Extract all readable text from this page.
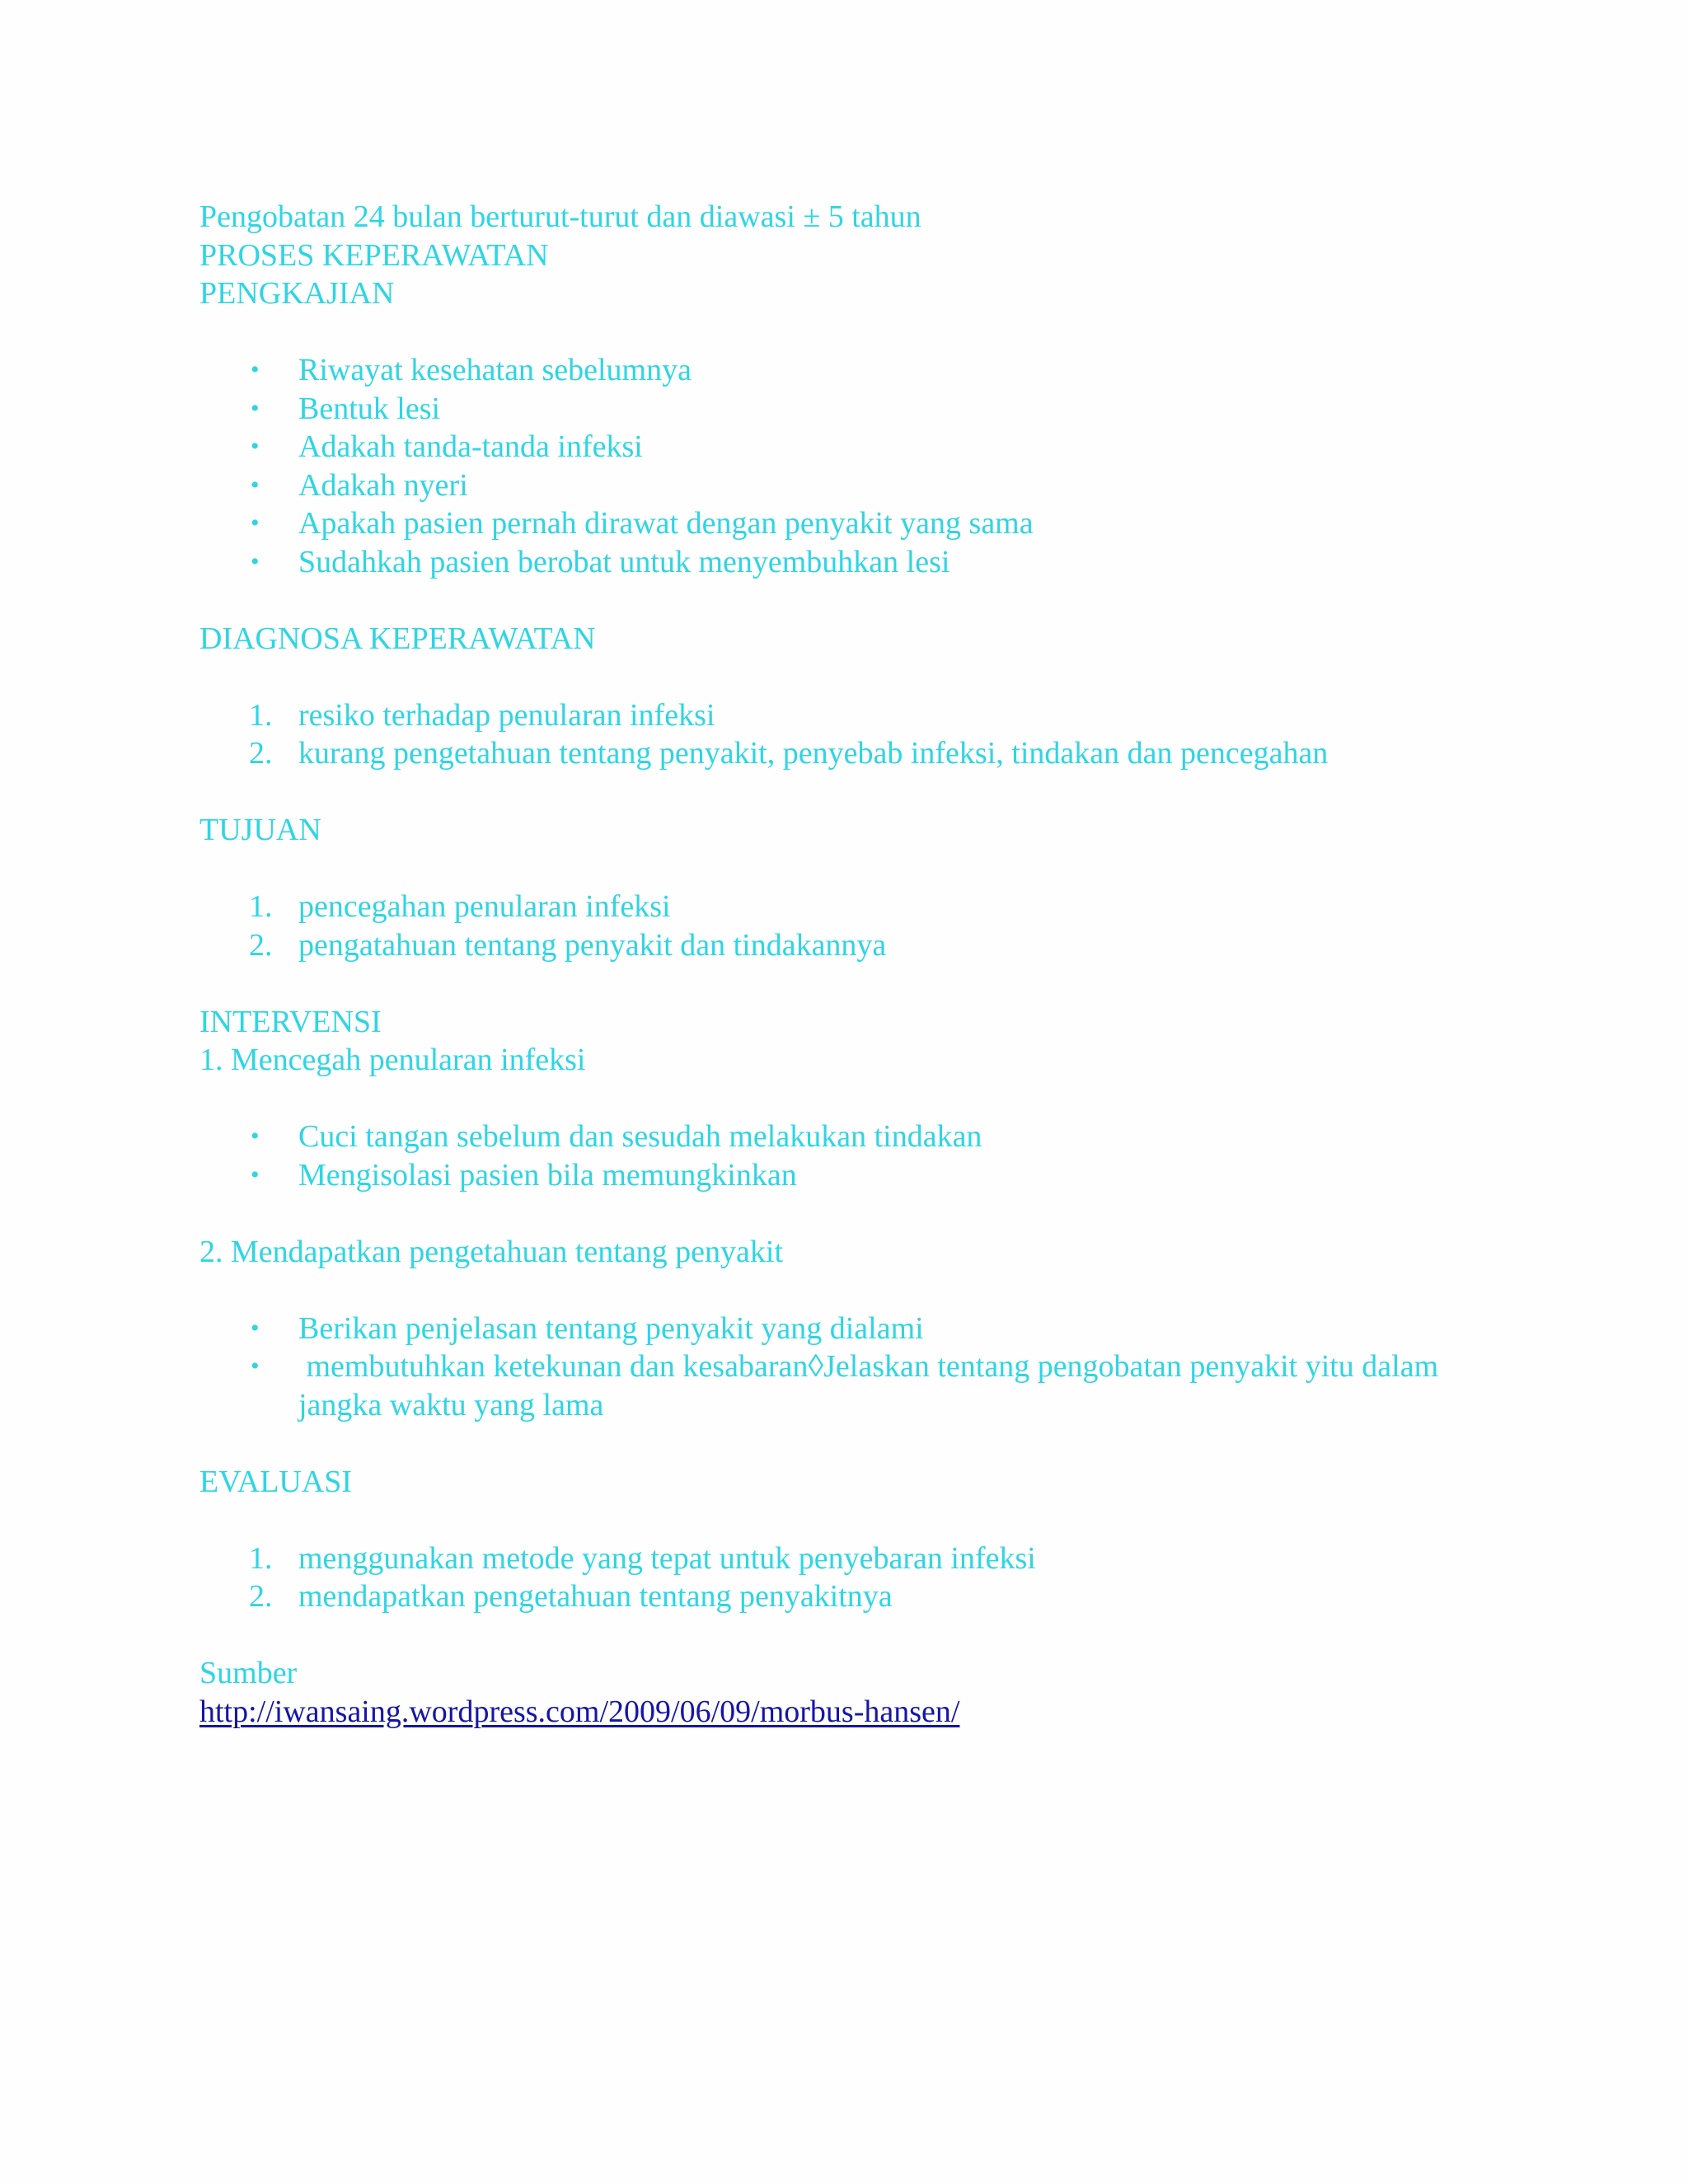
Pengobatan 24 bulan berturut-turut dan diawasi ± 5 tahun
PROSES KEPERAWATAN
PENGKAJIAN
• Riwayat kesehatan sebelumnya
• Bentuk lesi
• Adakah tanda-tanda infeksi
• Adakah nyeri
• Apakah pasien pernah dirawat dengan penyakit yang sama
• Sudahkah pasien berobat untuk menyembuhkan lesi
DIAGNOSA KEPERAWATAN
1. resiko terhadap penularan infeksi
2. kurang pengetahuan tentang penyakit, penyebab infeksi, tindakan dan pencegahan
TUJUAN
1. pencegahan penularan infeksi
2. pengatahuan tentang penyakit dan tindakannya
INTERVENSI
1. Mencegah penularan infeksi
• Cuci tangan sebelum dan sesudah melakukan tindakan
• Mengisolasi pasien bila memungkinkan
2. Mendapatkan pengetahuan tentang penyakit
• Berikan penjelasan tentang penyakit yang dialami
• membutuhkan ketekunan dan kesabaran◊Jelaskan tentang pengobatan penyakit yitu dalam jangka waktu yang lama
EVALUASI
1. menggunakan metode yang tepat untuk penyebaran infeksi
2. mendapatkan pengetahuan tentang penyakitnya
Sumber
http://iwansaing.wordpress.com/2009/06/09/morbus-hansen/
